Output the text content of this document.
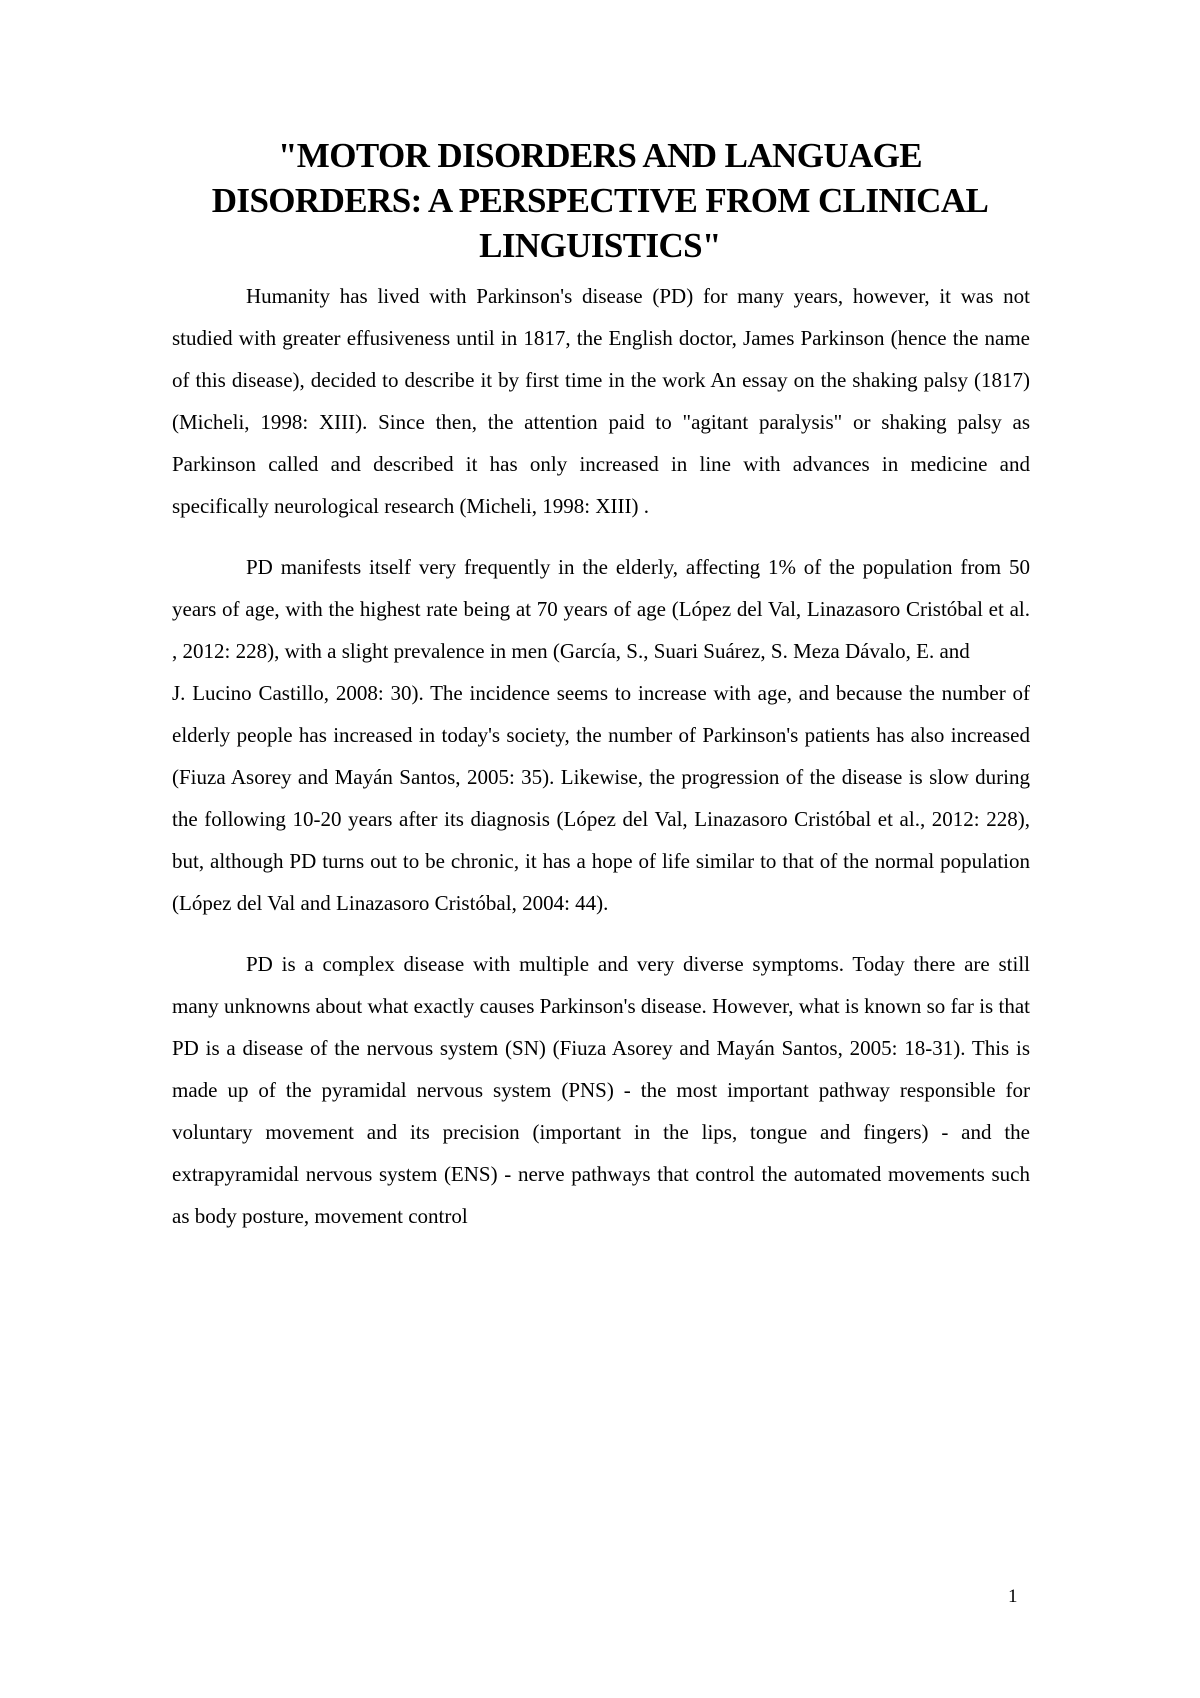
"MOTOR DISORDERS AND LANGUAGE
DISORDERS: A PERSPECTIVE FROM CLINICAL
LINGUISTICS"

Humanity has lived with Parkinson's disease (PD) for many years, however, it was not studied with greater effusiveness until in 1817, the English doctor, James Parkinson (hence the name of this disease), decided to describe it by first time in the work An essay on the shaking palsy (1817) (Micheli, 1998: XIII). Since then, the attention paid to "agitant paralysis" or shaking palsy as Parkinson called and described it has only increased in line with advances in medicine and specifically neurological research (Micheli, 1998: XIII) .

PD manifests itself very frequently in the elderly, affecting 1% of the population from 50 years of age, with the highest rate being at 70 years of age (López del Val, Linazasoro Cristóbal et al. , 2012: 228), with a slight prevalence in men (García, S., Suari Suárez, S. Meza Dávalo, E. and
J. Lucino Castillo, 2008: 30). The incidence seems to increase with age, and because the number of elderly people has increased in today's society, the number of Parkinson's patients has also increased (Fiuza Asorey and Mayán Santos, 2005: 35). Likewise, the progression of the disease is slow during the following 10-20 years after its diagnosis (López del Val, Linazasoro Cristóbal et al., 2012: 228), but, although PD turns out to be chronic, it has a hope of life similar to that of the normal population (López del Val and Linazasoro Cristóbal, 2004: 44).

PD is a complex disease with multiple and very diverse symptoms. Today there are still many unknowns about what exactly causes Parkinson's disease. However, what is known so far is that PD is a disease of the nervous system (SN) (Fiuza Asorey and Mayán Santos, 2005: 18-31). This is made up of the pyramidal nervous system (PNS) - the most important pathway responsible for voluntary movement and its precision (important in the lips, tongue and fingers) - and the extrapyramidal nervous system (ENS) - nerve pathways that control the automated movements such as body posture, movement control

1
